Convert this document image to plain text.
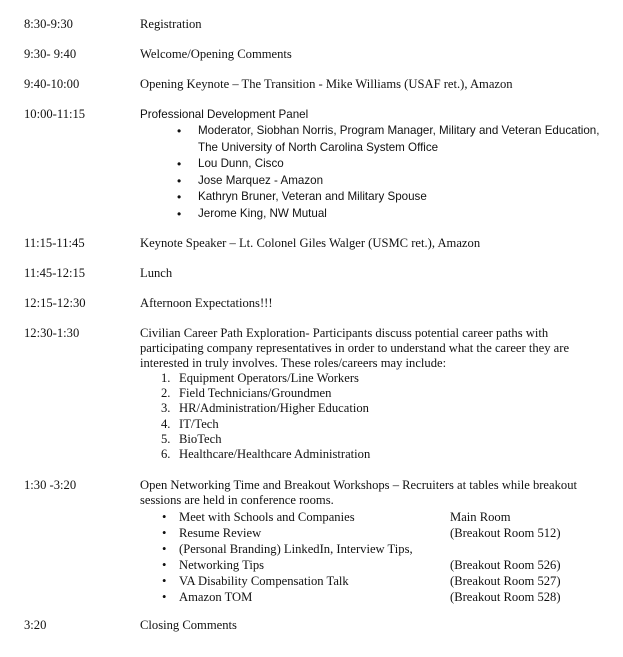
8:30-9:30	Registration
9:30- 9:40	Welcome/Opening Comments
9:40-10:00	Opening Keynote – The Transition - Mike Williams (USAF ret.), Amazon
10:00-11:15	Professional Development Panel
• Moderator, Siobhan Norris, Program Manager, Military and Veteran Education, The University of North Carolina System Office
• Lou Dunn, Cisco
• Jose Marquez - Amazon
• Kathryn Bruner, Veteran and Military Spouse
• Jerome King, NW Mutual
11:15-11:45	Keynote Speaker – Lt. Colonel Giles Walger (USMC ret.), Amazon
11:45-12:15	Lunch
12:15-12:30	Afternoon Expectations!!!
12:30-1:30	Civilian Career Path Exploration- Participants discuss potential career paths with participating company representatives in order to understand what the career they are interested in truly involves. These roles/careers may include:
1. Equipment Operators/Line Workers
2. Field Technicians/Groundmen
3. HR/Administration/Higher Education
4. IT/Tech
5. BioTech
6. Healthcare/Healthcare Administration
1:30 -3:20	Open Networking Time and Breakout Workshops – Recruiters at tables while breakout sessions are held in conference rooms.
• Meet with Schools and Companies	Main Room
• Resume Review	(Breakout Room 512)
• (Personal Branding) LinkedIn, Interview Tips,
• Networking Tips	(Breakout Room 526)
• VA Disability Compensation Talk	(Breakout Room 527)
• Amazon TOM	(Breakout Room 528)
3:20	Closing Comments
